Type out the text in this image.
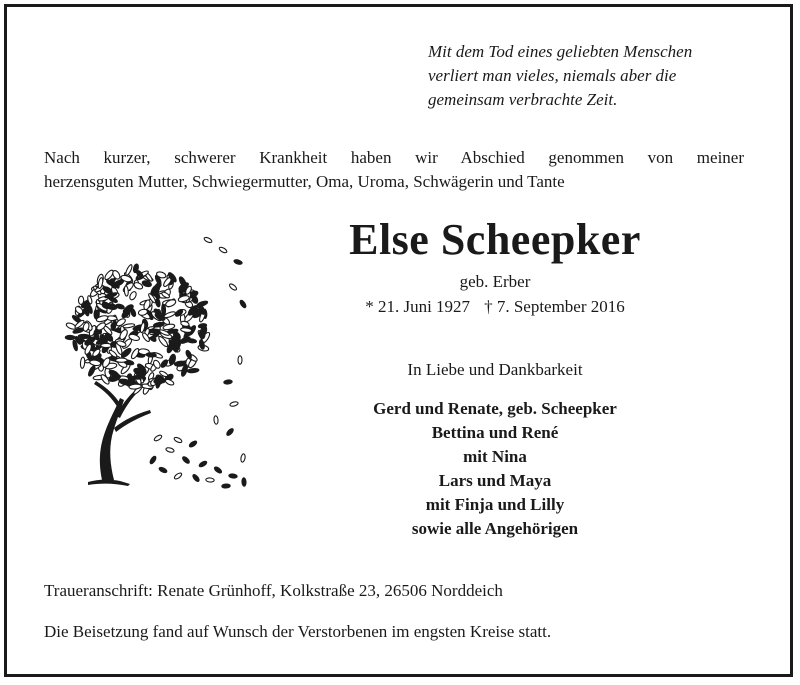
Mit dem Tod eines geliebten Menschen
verliert man vieles, niemals aber die
gemeinsam verbrachte Zeit.
Nach kurzer, schwerer Krankheit haben wir Abschied genommen von meiner
herzensguten Mutter, Schwiegermutter, Oma, Uroma, Schwägerin und Tante
Else Scheepker
geb. Erber
* 21. Juni 1927 † 7. September 2016
In Liebe und Dankbarkeit
Gerd und Renate, geb. Scheepker
Bettina und René
mit Nina
Lars und Maya
mit Finja und Lilly
sowie alle Angehörigen
Traueranschrift: Renate Grünhoff, Kolkstraße 23, 26506 Norddeich
Die Beisetzung fand auf Wunsch der Verstorbenen im engsten Kreise statt.
